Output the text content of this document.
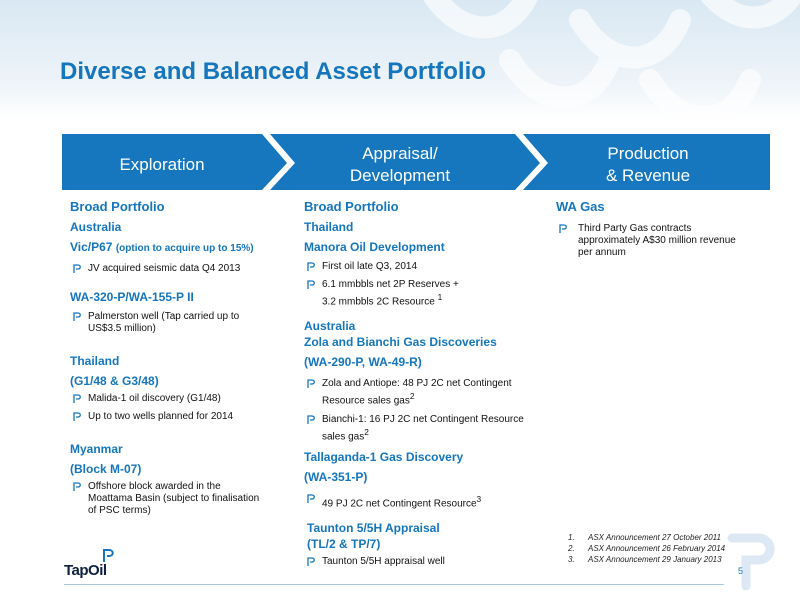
Diverse and Balanced Asset Portfolio
Exploration
Appraisal/
Development
Production
& Revenue
Broad Portfolio
Australia
Vic/P67 (option to acquire up to 15%)
JV acquired seismic data Q4 2013
WA-320-P/WA-155-P II
Palmerston well (Tap carried up to
US$3.5 million)
Thailand
(G1/48 & G3/48)
Malida-1 oil discovery (G1/48)
Up to two wells planned for 2014
Myanmar
(Block M-07)
Offshore block awarded in the
Moattama Basin (subject to finalisation
of PSC terms)
Broad Portfolio
Thailand
Manora Oil Development
First oil late Q3, 2014
6.1 mmbbls net 2P Reserves +
3.2 mmbbls 2C Resource $^1$
Australia
Zola and Bianchi Gas Discoveries
(WA-290-P, WA-49-R)
Zola and Antiope: 48 PJ 2C net Contingent
Resource sales gas$^2$
Bianchi-1: 16 PJ 2C net Contingent Resource
sales gas$^2$
Tallaganda-1 Gas Discovery
(WA-351-P)
49 PJ 2C net Contingent Resource$^3$
Taunton 5/5H Appraisal
(TL/2 & TP/7)
Taunton 5/5H appraisal well
WA Gas
Third Party Gas contracts
approximately A$30 million revenue
per annum
1. ASX Announcement 27 October 2011
2. ASX Announcement 26 February 2014
3. ASX Announcement 29 January 2013
TapOil	5
